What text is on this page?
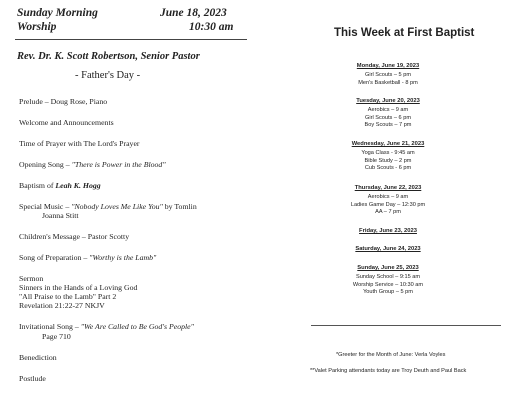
Sunday Morning	June 18, 2023
Worship	10:30 am
Rev. Dr. K. Scott Robertson, Senior Pastor
- Father's Day -
Prelude – Doug Rose, Piano
Welcome and Announcements
Time of Prayer with The Lord's Prayer
Opening Song – "There is Power in the Blood"
Baptism of Leah K. Hogg
Special Music – "Nobody Loves Me Like You" by Tomlin
Joanna Stitt
Children's Message – Pastor Scotty
Song of Preparation – "Worthy is the Lamb"
Sermon
Sinners in the Hands of a Loving God
"All Praise to the Lamb" Part 2
Revelation 21:22-27 NKJV
Invitational Song – "We Are Called to Be God's People"
Page 710
Benediction
Postlude
This Week at First Baptist
Monday, June 19, 2023
Girl Scouts – 5 pm
Men's Basketball - 8 pm
Tuesday, June 20, 2023
Aerobics – 9 am
Girl Scouts – 6 pm
Boy Scouts – 7 pm
Wednesday, June 21, 2023
Yoga Class - 9:45 am
Bible Study – 2 pm
Cub Scouts - 6 pm
Thursday, June 22, 2023
Aerobics – 9 am
Ladies Game Day – 12:30 pm
AA – 7 pm
Friday, June 23, 2023
Saturday, June 24, 2023
Sunday, June 25, 2023
Sunday School – 9:15 am
Worship Service – 10:30 am
Youth Group – 5 pm
*Greeter for the Month of June: Verla Voyles
**Valet Parking attendants today are Troy Deuth and Paul Back
